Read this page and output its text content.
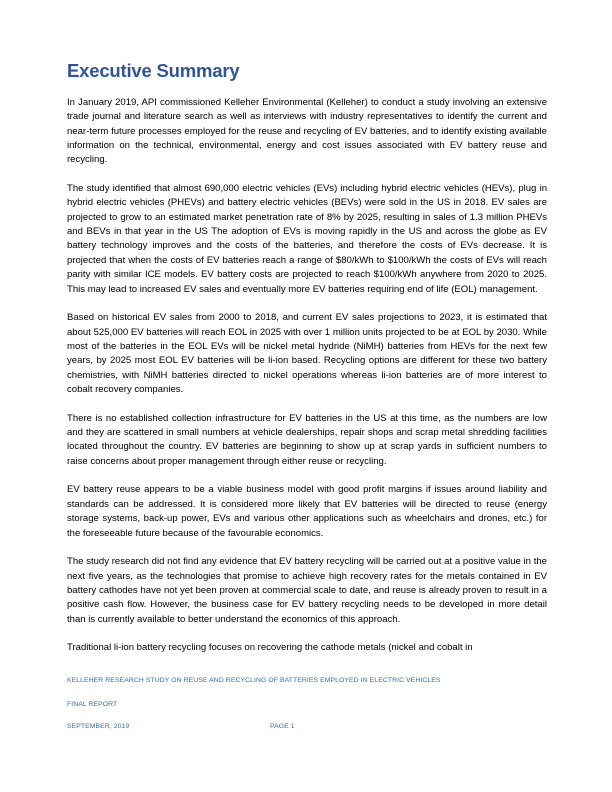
Executive Summary

In January 2019, API commissioned Kelleher Environmental (Kelleher) to conduct a study involving an extensive trade journal and literature search as well as interviews with industry representatives to identify the current and near-term future processes employed for the reuse and recycling of EV batteries, and to identify existing available information on the technical, environmental, energy and cost issues associated with EV battery reuse and recycling.

The study identified that almost 690,000 electric vehicles (EVs) including hybrid electric vehicles (HEVs), plug in hybrid electric vehicles (PHEVs) and battery electric vehicles (BEVs) were sold in the US in 2018. EV sales are projected to grow to an estimated market penetration rate of 8% by 2025, resulting in sales of 1.3 million PHEVs and BEVs in that year in the US The adoption of EVs is moving rapidly in the US and across the globe as EV battery technology improves and the costs of the batteries, and therefore the costs of EVs decrease. It is projected that when the costs of EV batteries reach a range of $80/kWh to $100/kWh the costs of EVs will reach parity with similar ICE models. EV battery costs are projected to reach $100/kWh anywhere from 2020 to 2025. This may lead to increased EV sales and eventually more EV batteries requiring end of life (EOL) management.

Based on historical EV sales from 2000 to 2018, and current EV sales projections to 2023, it is estimated that about 525,000 EV batteries will reach EOL in 2025 with over 1 million units projected to be at EOL by 2030. While most of the batteries in the EOL EVs will be nickel metal hydride (NiMH) batteries from HEVs for the next few years, by 2025 most EOL EV batteries will be li-ion based. Recycling options are different for these two battery chemistries, with NiMH batteries directed to nickel operations whereas li-ion batteries are of more interest to cobalt recovery companies.

There is no established collection infrastructure for EV batteries in the US at this time, as the numbers are low and they are scattered in small numbers at vehicle dealerships, repair shops and scrap metal shredding facilities located throughout the country. EV batteries are beginning to show up at scrap yards in sufficient numbers to raise concerns about proper management through either reuse or recycling.

EV battery reuse appears to be a viable business model with good profit margins if issues around liability and standards can be addressed. It is considered more likely that EV batteries will be directed to reuse (energy storage systems, back-up power, EVs and various other applications such as wheelchairs and drones, etc.) for the foreseeable future because of the favourable economics.

The study research did not find any evidence that EV battery recycling will be carried out at a positive value in the next five years, as the technologies that promise to achieve high recovery rates for the metals contained in EV battery cathodes have not yet been proven at commercial scale to date, and reuse is already proven to result in a positive cash flow. However, the business case for EV battery recycling needs to be developed in more detail than is currently available to better understand the economics of this approach.

Traditional li-ion battery recycling focuses on recovering the cathode metals (nickel and cobalt in

KELLEHER RESEARCH STUDY ON REUSE AND RECYCLING OF BATTERIES EMPLOYED IN ELECTRIC VEHICLES
FINAL REPORT
SEPTEMBER, 2019	PAGE 1
